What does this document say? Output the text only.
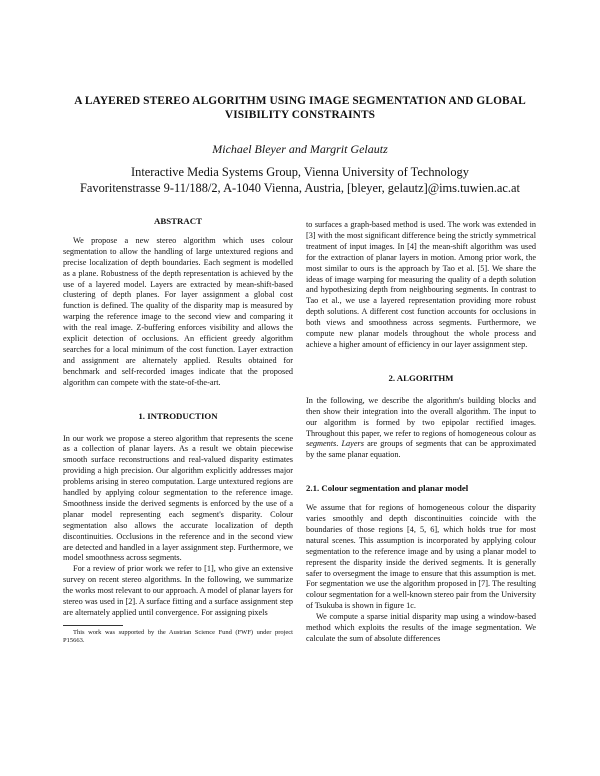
A LAYERED STEREO ALGORITHM USING IMAGE SEGMENTATION AND GLOBAL VISIBILITY CONSTRAINTS
Michael Bleyer and Margrit Gelautz
Interactive Media Systems Group, Vienna University of Technology
Favoritenstrasse 9-11/188/2, A-1040 Vienna, Austria, [bleyer, gelautz]@ims.tuwien.ac.at

ABSTRACT

We propose a new stereo algorithm which uses colour segmentation to allow the handling of large untextured regions and precise localization of depth boundaries. Each segment is modelled as a plane. Robustness of the depth representation is achieved by the use of a layered model. Layers are extracted by mean-shift-based clustering of depth planes. For layer assignment a global cost function is defined. The quality of the disparity map is measured by warping the reference image to the second view and comparing it with the real image. Z-buffering enforces visibility and allows the explicit detection of occlusions. An efficient greedy algorithm searches for a local minimum of the cost function. Layer extraction and assignment are alternately applied. Results obtained for benchmark and self-recorded images indicate that the proposed algorithm can compete with the state-of-the-art.

1. INTRODUCTION

In our work we propose a stereo algorithm that represents the scene as a collection of planar layers. As a result we obtain piecewise smooth surface reconstructions and real-valued disparity estimates providing a high precision. Our algorithm explicitly addresses major problems arising in stereo computation. Large untextured regions are handled by applying colour segmentation to the reference image. Smoothness inside the derived segments is enforced by the use of a planar model representing each segment's disparity. Colour segmentation also allows the accurate localization of depth discontinuities. Occlusions in the reference and in the second view are detected and handled in a layer assignment step. Furthermore, we model smoothness across segments.

For a review of prior work we refer to [1], who give an extensive survey on recent stereo algorithms. In the following, we summarize the works most relevant to our approach. A model of planar layers for stereo was used in [2]. A surface fitting and a surface assignment step are alternately applied until convergence. For assigning pixels

This work was supported by the Austrian Science Fund (FWF) under project P15663.

to surfaces a graph-based method is used. The work was extended in [3] with the most significant difference being the strictly symmetrical treatment of input images. In [4] the mean-shift algorithm was used for the extraction of planar layers in motion. Among prior work, the most similar to ours is the approach by Tao et al. [5]. We share the ideas of image warping for measuring the quality of a depth solution and hypothesizing depth from neighbouring segments. In contrast to Tao et al., we use a layered representation providing more robust depth solutions. A different cost function accounts for occlusions in both views and smoothness across segments. Furthermore, we compute new planar models throughout the whole process and achieve a higher amount of efficiency in our layer assignment step.

2. ALGORITHM

In the following, we describe the algorithm's building blocks and then show their integration into the overall algorithm. The input to our algorithm is formed by two epipolar rectified images. Throughout this paper, we refer to regions of homogeneous colour as segments. Layers are groups of segments that can be approximated by the same planar equation.

2.1. Colour segmentation and planar model

We assume that for regions of homogeneous colour the disparity varies smoothly and depth discontinuities coincide with the boundaries of those regions [4, 5, 6], which holds true for most natural scenes. This assumption is incorporated by applying colour segmentation to the reference image and by using a planar model to represent the disparity inside the derived segments. It is generally safer to oversegment the image to ensure that this assumption is met. For segmentation we use the algorithm proposed in [7]. The resulting colour segmentation for a well-known stereo pair from the University of Tsukuba is shown in figure 1c.

We compute a sparse initial disparity map using a window-based method which exploits the results of the image segmentation. We calculate the sum of absolute differences
